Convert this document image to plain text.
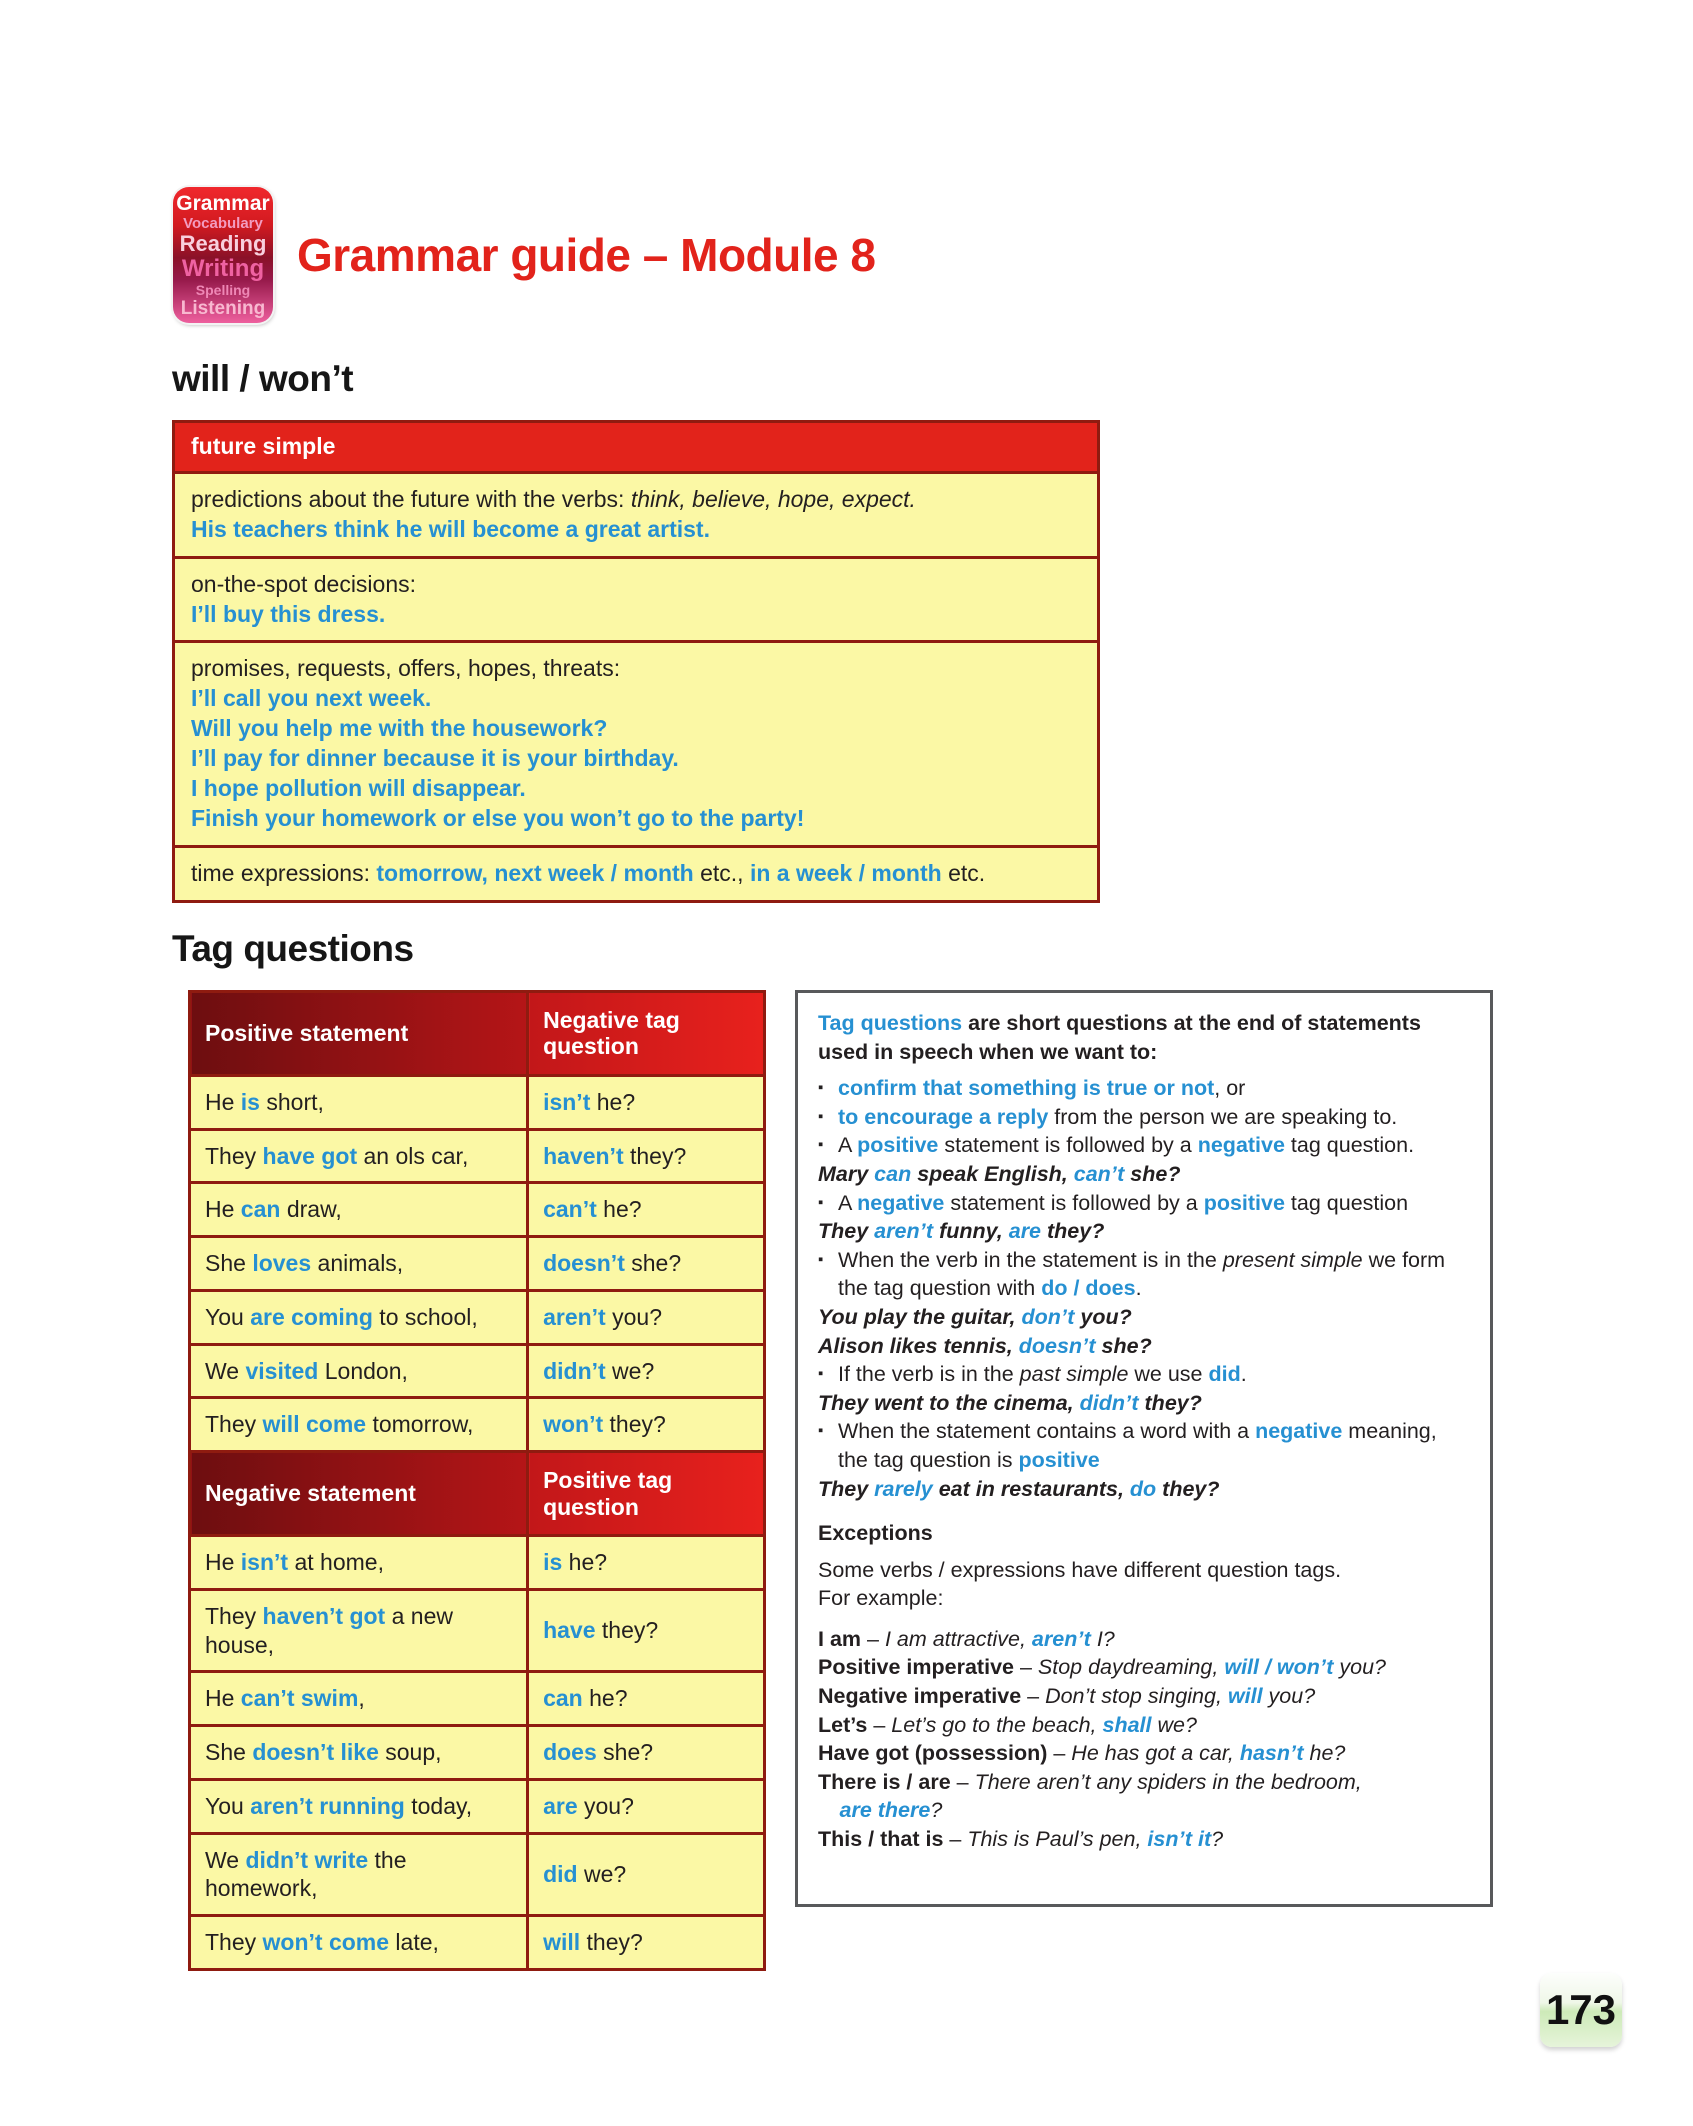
Grammar
Vocabulary
Reading
Writing
Spelling
Listening
Grammar guide – Module 8
will / won’t
future simple

predictions about the future with the verbs: think, believe, hope, expect.
His teachers think he will become a great artist.

on-the-spot decisions:
I’ll buy this dress.

promises, requests, offers, hopes, threats:
I’ll call you next week.
Will you help me with the housework?
I’ll pay for dinner because it is your birthday.
I hope pollution will disappear.
Finish your homework or else you won’t go to the party!

time expressions: tomorrow, next week / month etc., in a week / month etc.
Tag questions
Positive statement	Negative tag question
He is short,	isn’t he?
They have got an ols car,	haven’t they?
He can draw,	can’t he?
She loves animals,	doesn’t she?
You are coming to school,	aren’t you?
We visited London,	didn’t we?
They will come tomorrow,	won’t they?
Negative statement	Positive tag question
He isn’t at home,	is he?
They haven’t got a new house,	have they?
He can’t swim,	can he?
She doesn’t like soup,	does she?
You aren’t running today,	are you?
We didn’t write the homework,	did we?
They won’t come late,	will they?
Tag questions are short questions at the end of statements used in speech when we want to:
▪ confirm that something is true or not, or
▪ to encourage a reply from the person we are speaking to.
▪ A positive statement is followed by a negative tag question.
Mary can speak English, can’t she?
▪ A negative statement is followed by a positive tag question
They aren’t funny, are they?
▪ When the verb in the statement is in the present simple we form the tag question with do / does.
You play the guitar, don’t you?
Alison likes tennis, doesn’t she?
▪ If the verb is in the past simple we use did.
They went to the cinema, didn’t they?
▪ When the statement contains a word with a negative meaning, the tag question is positive
They rarely eat in restaurants, do they?
Exceptions
Some verbs / expressions have different question tags.
For example:
I am – I am attractive, aren’t I?
Positive imperative – Stop daydreaming, will / won’t you?
Negative imperative – Don’t stop singing, will you?
Let’s – Let’s go to the beach, shall we?
Have got (possession) – He has got a car, hasn’t he?
There is / are – There aren’t any spiders in the bedroom,
 are there?
This / that is – This is Paul’s pen, isn’t it?
173
